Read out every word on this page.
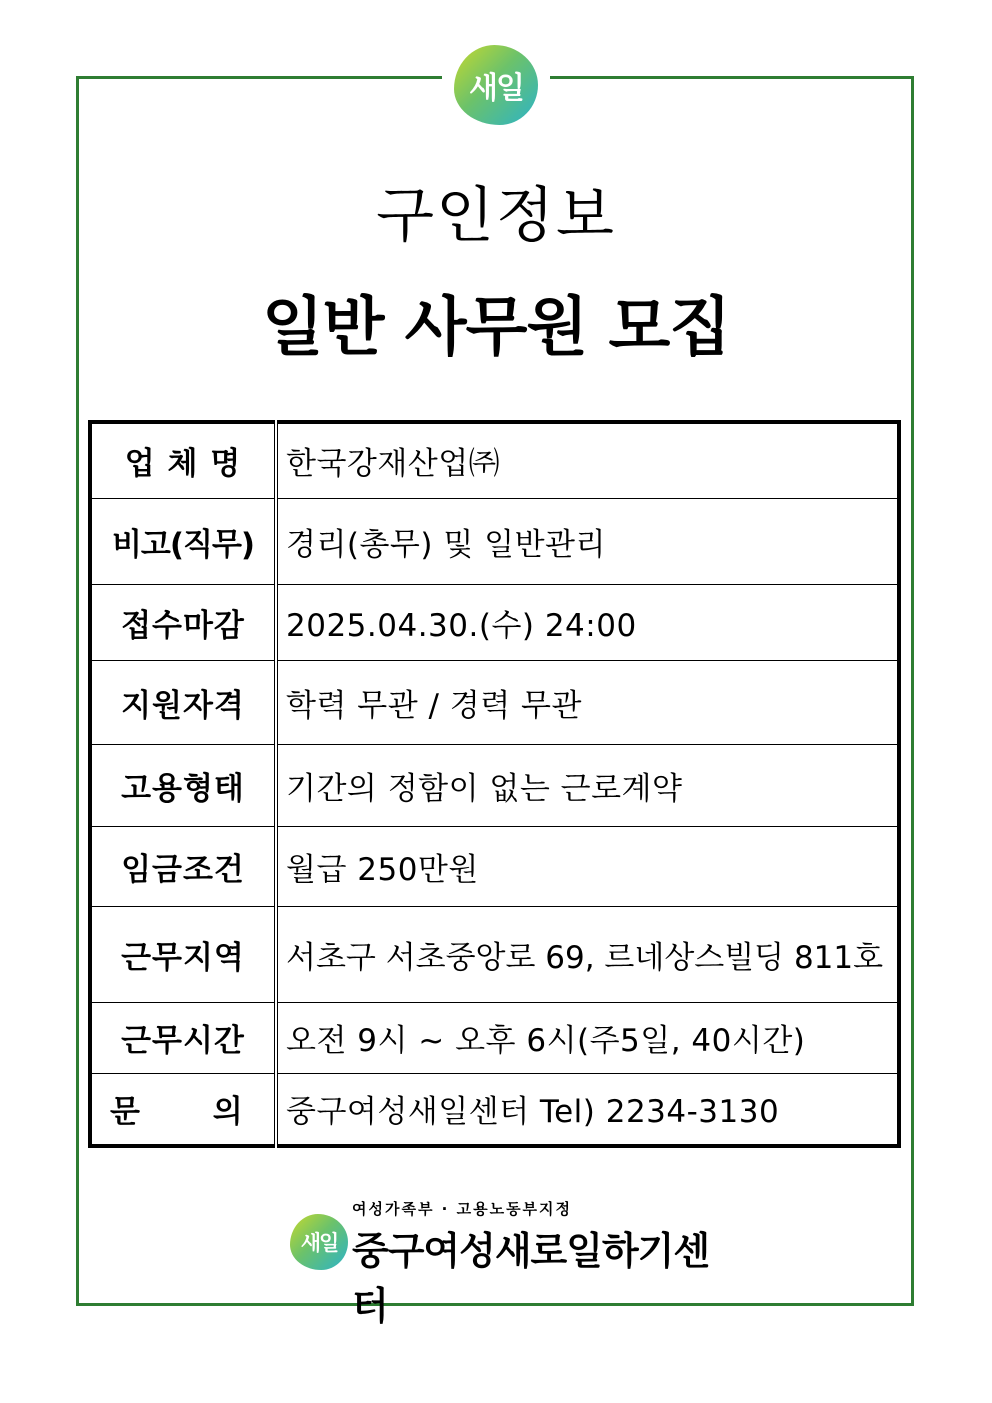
새일
구인정보
일반 사무원 모집
업 체 명	한국강재산업㈜
비고(직무)	경리(총무) 및 일반관리
접수마감	2025.04.30.(수) 24:00
지원자격	학력 무관 / 경력 무관
고용형태	기간의 정함이 없는 근로계약
임금조건	월급 250만원
근무지역	서초구 서초중앙로 69, 르네상스빌딩 811호
근무시간	오전 9시 ~ 오후 6시(주5일, 40시간)
문 의	중구여성새일센터 Tel) 2234-3130
여성가족부 · 고용노동부지정
새일 중구여성새로일하기센터
